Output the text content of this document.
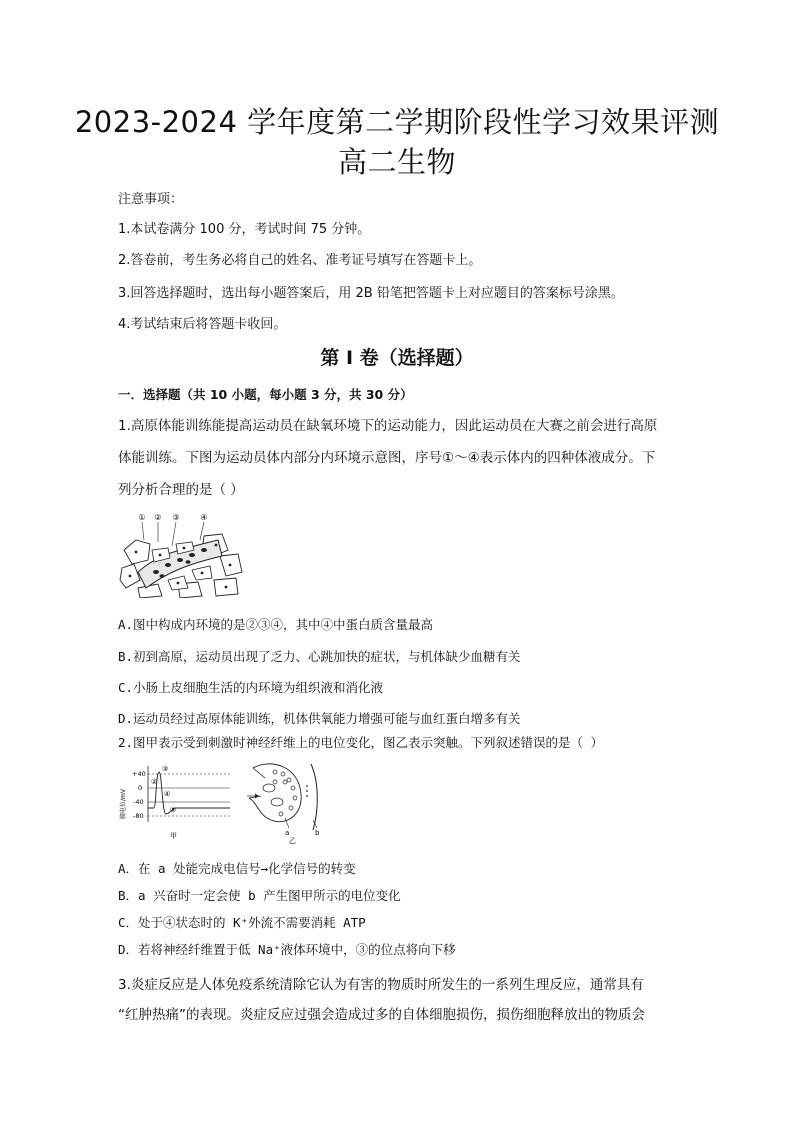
2023-2024 学年度第二学期阶段性学习效果评测
高二生物
注意事项：
1.本试卷满分 100 分，考试时间 75 分钟。
2.答卷前，考生务必将自己的姓名、准考证号填写在答题卡上。
3.回答选择题时，选出每小题答案后，用 2B 铅笔把答题卡上对应题目的答案标号涂黑。
4.考试结束后将答题卡收回。
第 I 卷（选择题）
一．选择题（共 10 小题，每小题 3 分，共 30 分）
1.高原体能训练能提高运动员在缺氧环境下的运动能力，因此运动员在大赛之前会进行高原
体能训练。下图为运动员体内部分内环境示意图，序号①～④表示体内的四种体液成分。下
列分析合理的是（ ）
① ② ③	④
A.图中构成内环境的是②③④，其中④中蛋白质含量最高
B.初到高原，运动员出现了乏力、心跳加快的症状，与机体缺少血糖有关
C.小肠上皮细胞生活的内环境为组织液和消化液
D.运动员经过高原体能训练，机体供氧能力增强可能与血红蛋白增多有关
2.图甲表示受到刺激时神经纤维上的电位变化，图乙表示突触。下列叙述错误的是（ ）
膜电位/mV
+40
0
-40
-80
③
②
④
⑤
甲	a	b
乙
A．在 a 处能完成电信号→化学信号的转变
B．a 兴奋时一定会使 b 产生图甲所示的电位变化
C．处于④状态时的 K⁺外流不需要消耗 ATP
D．若将神经纤维置于低 Na⁺液体环境中，③的位点将向下移
3.炎症反应是人体免疫系统清除它认为有害的物质时所发生的一系列生理反应，通常具有
“红肿热痛”的表现。炎症反应过强会造成过多的自体细胞损伤，损伤细胞释放出的物质会
